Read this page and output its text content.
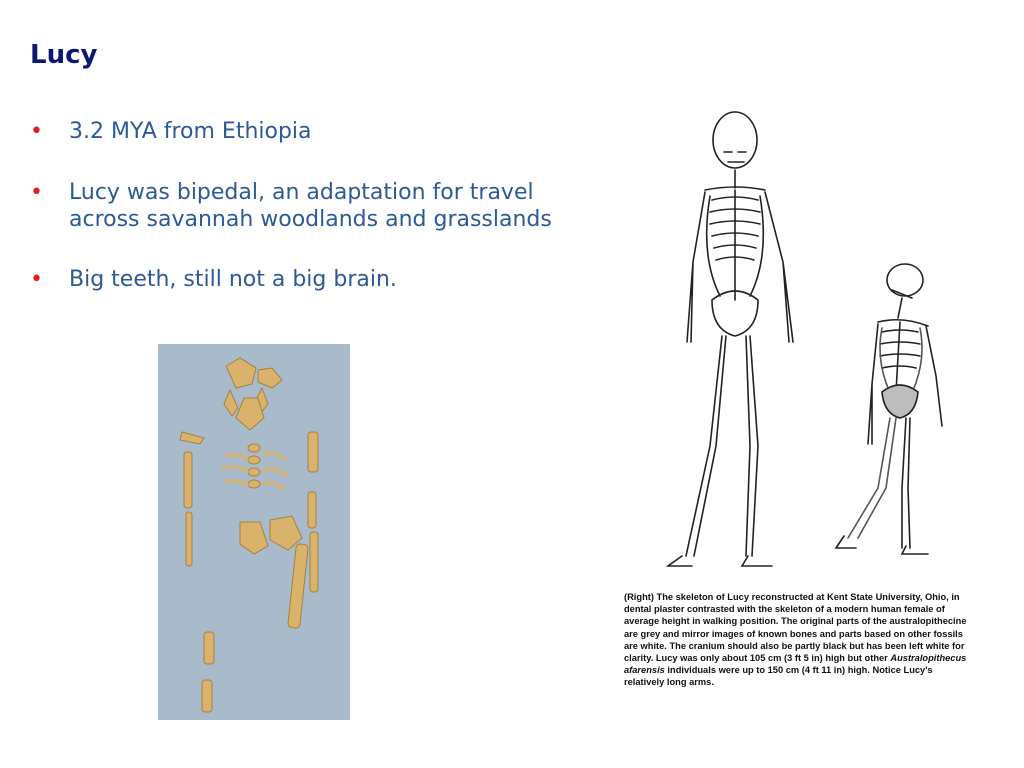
Lucy
• 3.2 MYA from Ethiopia
• Lucy was bipedal, an adaptation for travel
across savannah woodlands and grasslands
• Big teeth, still not a big brain.
(Right) The skeleton of Lucy reconstructed at Kent State University, Ohio, in dental plaster contrasted with the skeleton of a modern human female of average height in walking position. The original parts of the australopithecine are grey and mirror images of known bones and parts based on other fossils are white. The cranium should also be partly black but has been left white for clarity. Lucy was only about 105 cm (3 ft 5 in) high but other Australopithecus afarensis individuals were up to 150 cm (4 ft 11 in) high. Notice Lucy's relatively long arms.
